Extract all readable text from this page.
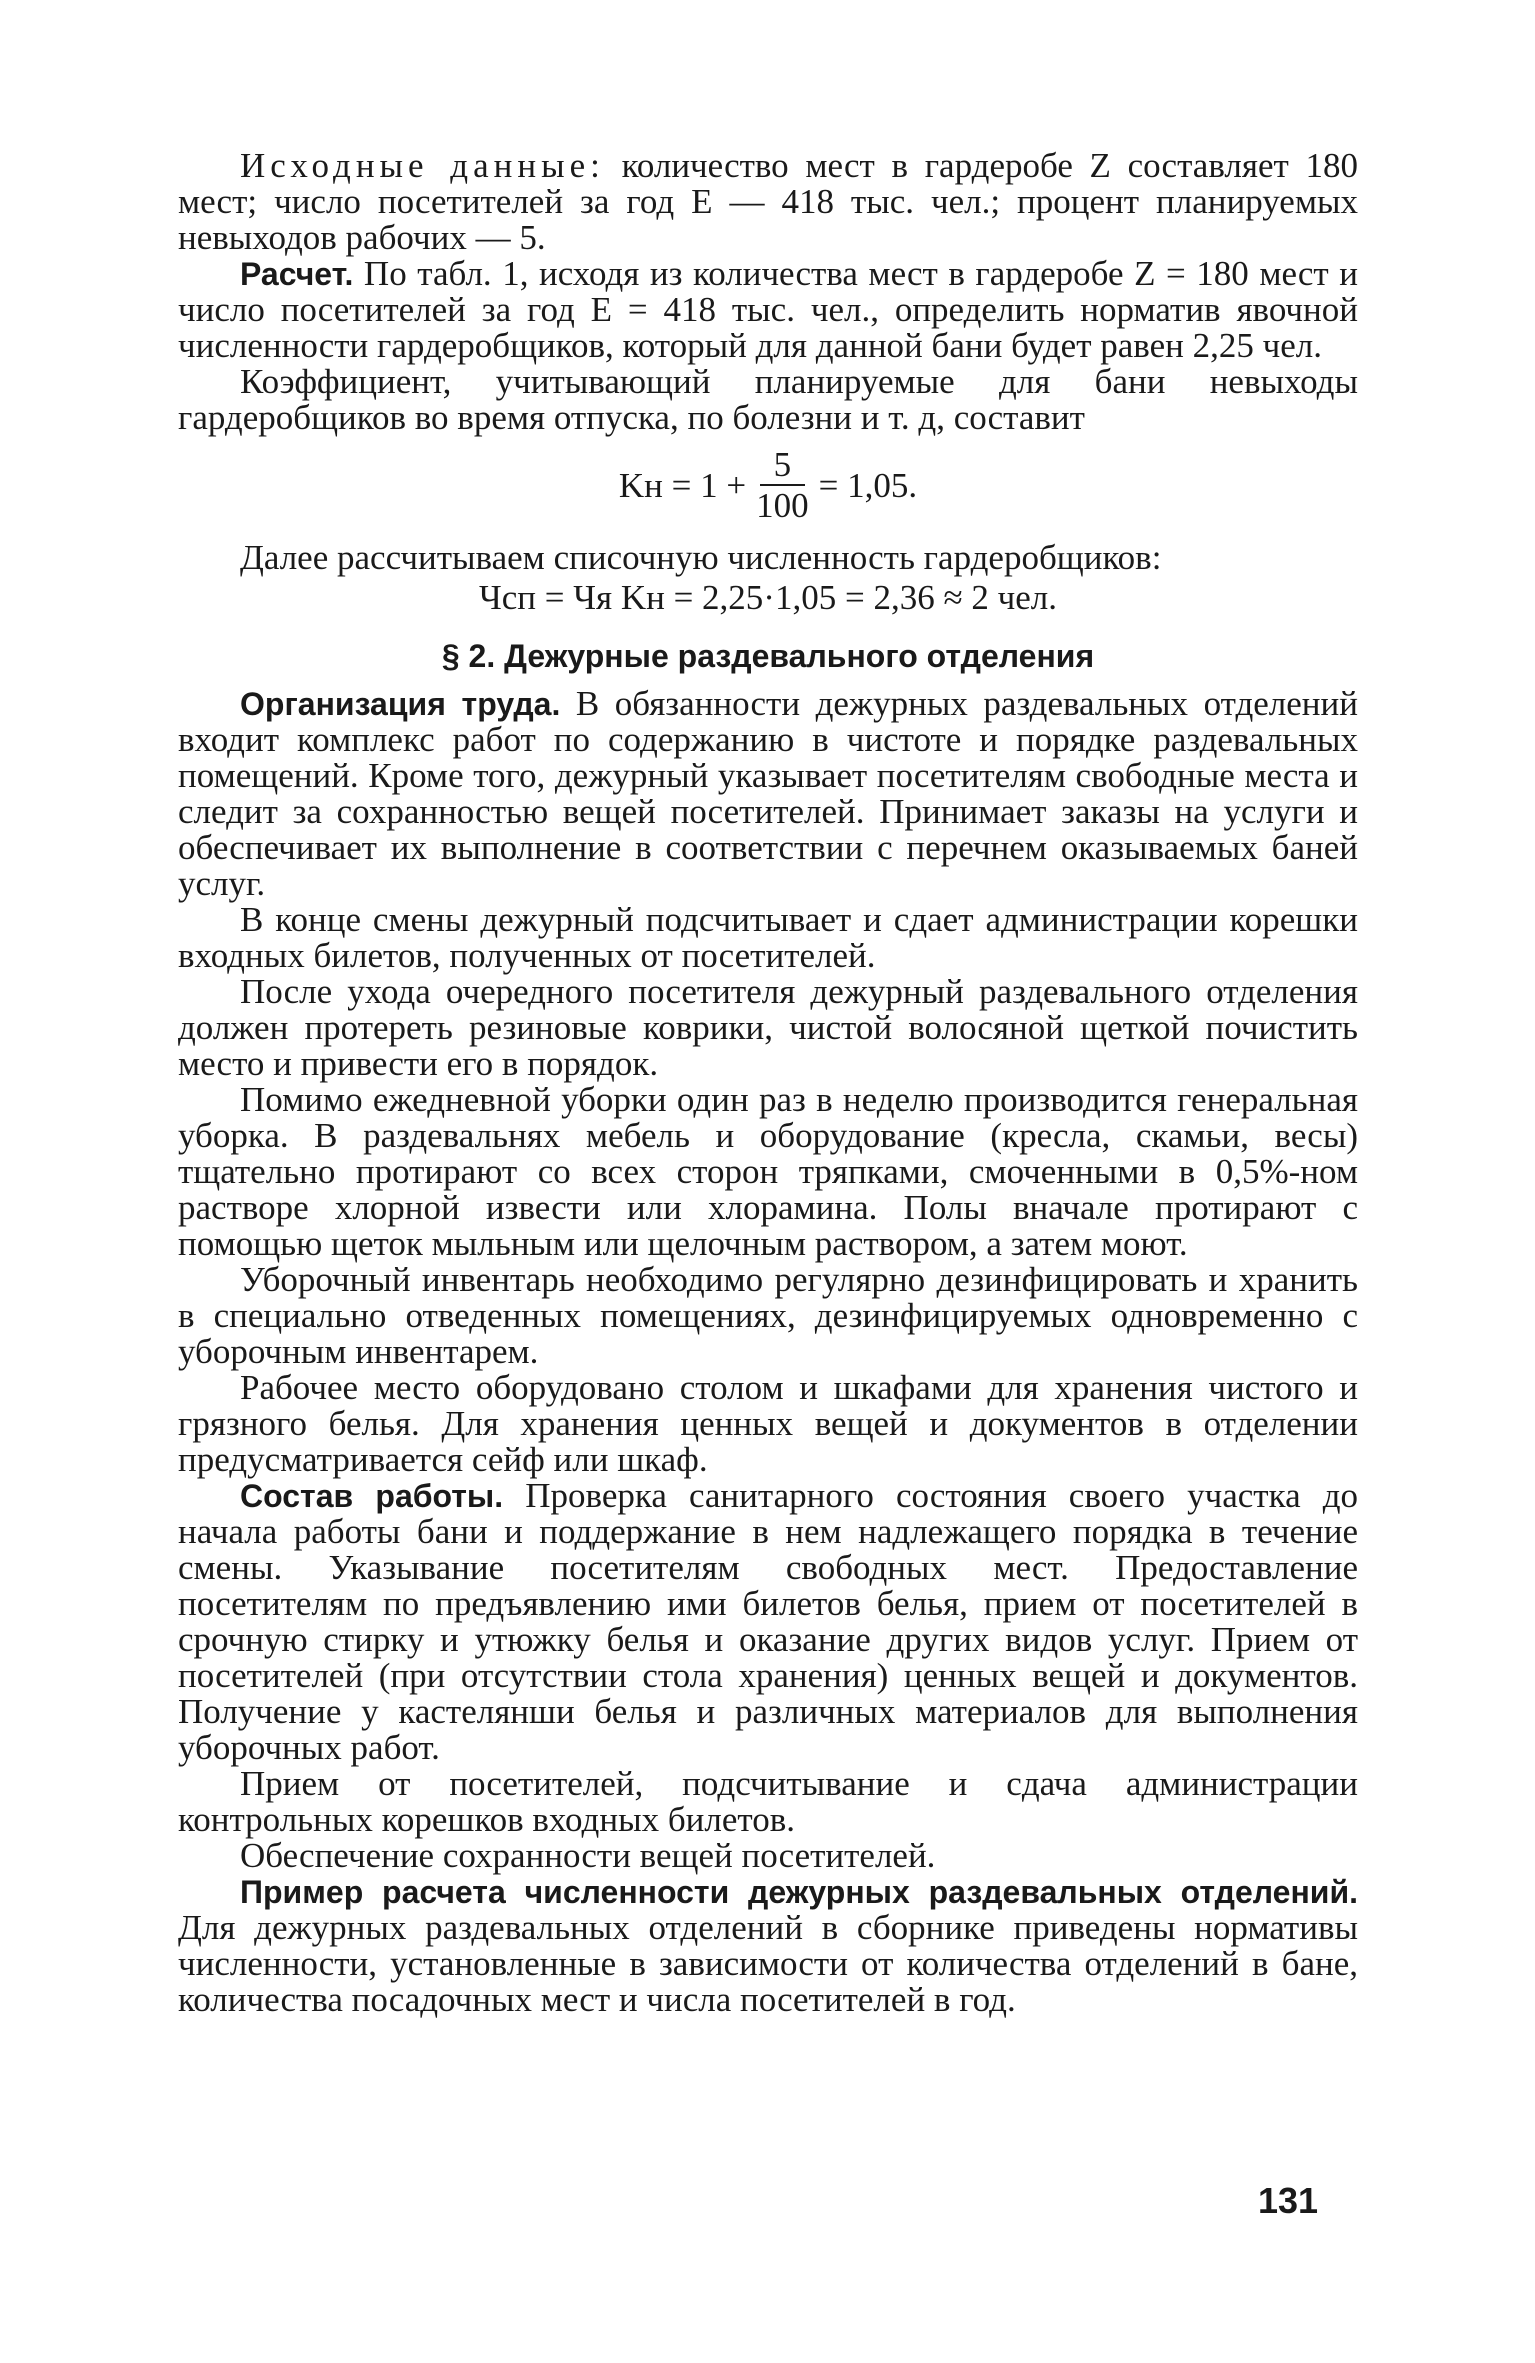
Исходные данные: количество мест в гардеробе Z составляет 180 мест; число посетителей за год E — 418 тыс. чел.; процент планируемых невыходов рабочих — 5.

Расчет. По табл. 1, исходя из количества мест в гардеробе Z = 180 мест и число посетителей за год E = 418 тыс. чел., определить норматив явочной численности гардеробщиков, который для данной бани будет равен 2,25 чел.

Коэффициент, учитывающий планируемые для бани невыходы гардеробщиков во время отпуска, по болезни и т. д, составит

Kн = $1 + \frac{5}{100} = 1,05$.

Далее рассчитываем списочную численность гардеробщиков:

Чсп = Чя Kн = 2,25·1,05 = 2,36 ≈ 2 чел.
§ 2. Дежурные раздевального отделения

Организация труда. В обязанности дежурных раздевальных отделений входит комплекс работ по содержанию в чистоте и порядке раздевальных помещений. Кроме того, дежурный указывает посетителям свободные места и следит за сохранностью вещей посетителей. Принимает заказы на услуги и обеспечивает их выполнение в соответствии с перечнем оказываемых баней услуг.

В конце смены дежурный подсчитывает и сдает администрации корешки входных билетов, полученных от посетителей.

После ухода очередного посетителя дежурный раздевального отделения должен протереть резиновые коврики, чистой волосяной щеткой почистить место и привести его в порядок.

Помимо ежедневной уборки один раз в неделю производится генеральная уборка. В раздевальнях мебель и оборудование (кресла, скамьи, весы) тщательно протирают со всех сторон тряпками, смоченными в 0,5%-ном растворе хлорной извести или хлорамина. Полы вначале протирают с помощью щеток мыльным или щелочным раствором, а затем моют.

Уборочный инвентарь необходимо регулярно дезинфицировать и хранить в специально отведенных помещениях, дезинфицируемых одновременно с уборочным инвентарем.

Рабочее место оборудовано столом и шкафами для хранения чистого и грязного белья. Для хранения ценных вещей и документов в отделении предусматривается сейф или шкаф.

Состав работы. Проверка санитарного состояния своего участка до начала работы бани и поддержание в нем надлежащего порядка в течение смены. Указывание посетителям свободных мест. Предоставление посетителям по предъявлению ими билетов белья, прием от посетителей в срочную стирку и утюжку белья и оказание других видов услуг. Прием от посетителей (при отсутствии стола хранения) ценных вещей и документов. Получение у кастелянши белья и различных материалов для выполнения уборочных работ.

Прием от посетителей, подсчитывание и сдача администрации контрольных корешков входных билетов.

Обеспечение сохранности вещей посетителей.

Пример расчета численности дежурных раздевальных отделений. Для дежурных раздевальных отделений в сборнике приведены нормативы численности, установленные в зависимости от количества отделений в бане, количества посадочных мест и числа посетителей в год.

131
